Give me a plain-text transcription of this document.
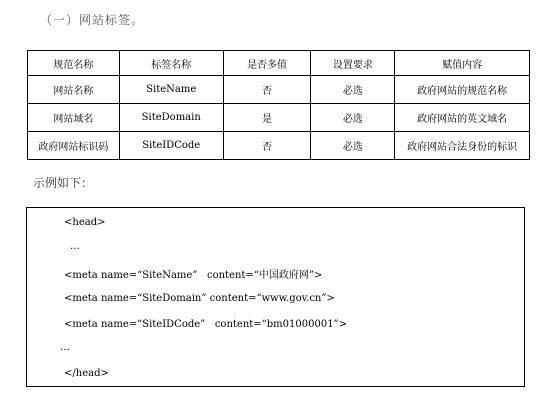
（一）网站标签。
规范名称	标签名称	是否多值	设置要求	赋值内容
网站名称	SiteName	否	必选	政府网站的规范名称
网站域名	SiteDomain	是	必选	政府网站的英文域名
政府网站标识码	SiteIDCode	否	必选	政府网站合法身份的标识
示例如下：
<head>
…
<meta name=“SiteName”   content=“中国政府网”>
<meta name=“SiteDomain” content=“www.gov.cn”>
<meta name=“SiteIDCode”   content=“bm01000001”>
…
</head>
